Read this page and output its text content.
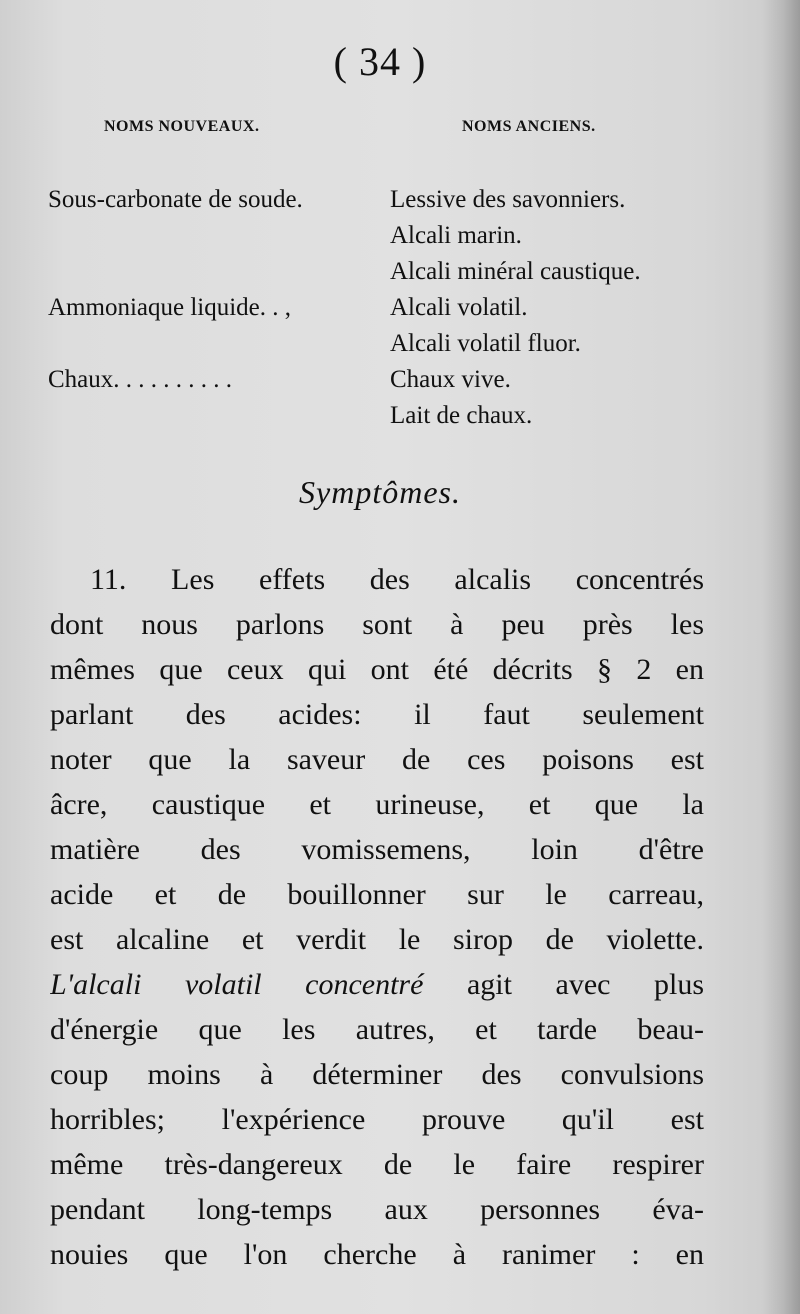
( 34 )
NOMS NOUVEAUX.	NOMS ANCIENS.
Sous-carbonate de soude.	Lessive des savonniers.
Alcali marin.
Alcali minéral caustique.
Ammoniaque liquide. . ,	Alcali volatil.
Alcali volatil fluor.
Chaux. . . . . . . . . .	Chaux vive.
Lait de chaux.
Symptômes.
11. Les effets des alcalis concentrés
dont nous parlons sont à peu près les
mêmes que ceux qui ont été décrits § 2 en
parlant des acides: il faut seulement
noter que la saveur de ces poisons est
âcre, caustique et urineuse, et que la
matière des vomissemens, loin d'être
acide et de bouillonner sur le carreau,
est alcaline et verdit le sirop de violette.
L'alcali volatil concentré agit avec plus
d'énergie que les autres, et tarde beau-
coup moins à déterminer des convulsions
horribles; l'expérience prouve qu'il est
même très-dangereux de le faire respirer
pendant long-temps aux personnes éva-
nouies que l'on cherche à ranimer : en
